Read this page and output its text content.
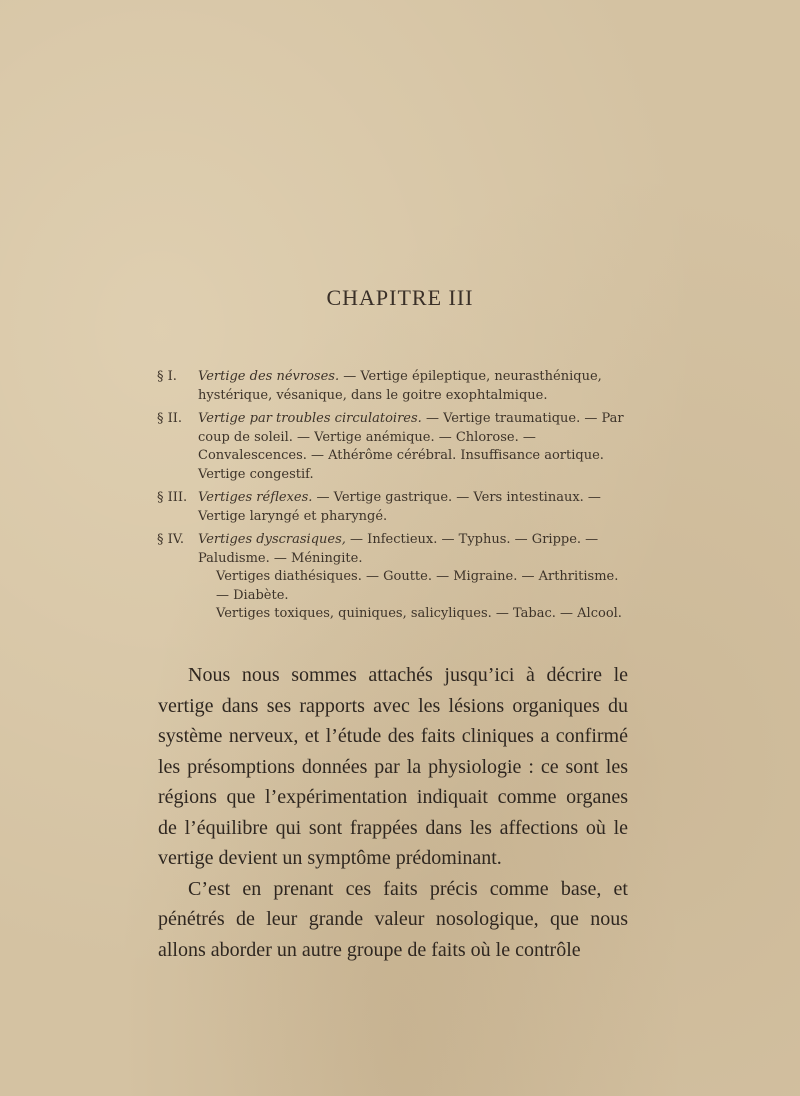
CHAPITRE III
§ I. Vertige des névroses. — Vertige épileptique, neurasthénique, hystérique, vésanique, dans le goitre exophtalmique.
§ II. Vertige par troubles circulatoires. — Vertige traumatique. — Par coup de soleil. — Vertige anémique. — Chlorose. — Convalescences. — Athérôme cérébral. Insuffisance aortique. Vertige congestif.
§ III. Vertiges réflexes. — Vertige gastrique. — Vers intestinaux. — Vertige laryngé et pharyngé.
§ IV. Vertiges dyscrasiques, — Infectieux. — Typhus. — Grippe. — Paludisme. — Méningite.
Vertiges diathésiques. — Goutte. — Migraine. — Arthritisme. — Diabète.
Vertiges toxiques, quiniques, salicyliques. — Tabac. — Alcool.

Nous nous sommes attachés jusqu’ici à décrire le vertige dans ses rapports avec les lésions organiques du système nerveux, et l’étude des faits cliniques a confirmé les présomptions données par la physiologie : ce sont les régions que l’expérimentation indiquait comme organes de l’équilibre qui sont frappées dans les affections où le vertige devient un symptôme prédominant.

C’est en prenant ces faits précis comme base, et pénétrés de leur grande valeur nosologique, que nous allons aborder un autre groupe de faits où le contrôle
